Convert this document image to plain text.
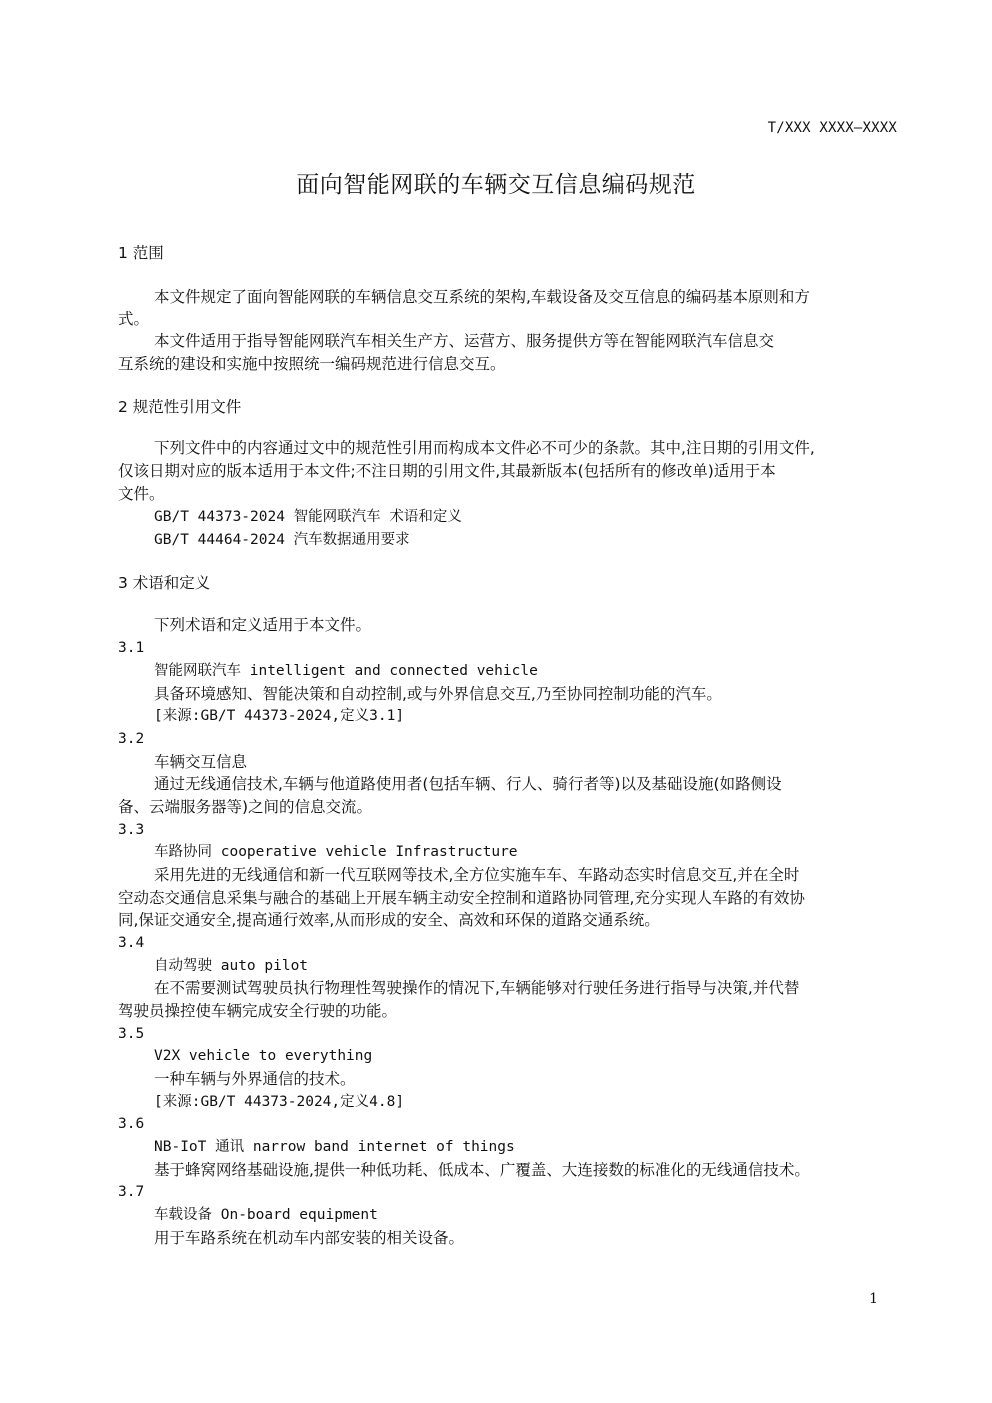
T/XXX XXXX—XXXX
面向智能网联的车辆交互信息编码规范
1 范围
本文件规定了面向智能网联的车辆信息交互系统的架构,车载设备及交互信息的编码基本原则和方
式。
本文件适用于指导智能网联汽车相关生产方、运营方、服务提供方等在智能网联汽车信息交
互系统的建设和实施中按照统一编码规范进行信息交互。
2 规范性引用文件
下列文件中的内容通过文中的规范性引用而构成本文件必不可少的条款。其中,注日期的引用文件,
仅该日期对应的版本适用于本文件;不注日期的引用文件,其最新版本(包括所有的修改单)适用于本
文件。
GB/T 44373-2024 智能网联汽车 术语和定义
GB/T 44464-2024 汽车数据通用要求
3 术语和定义
下列术语和定义适用于本文件。
3.1
智能网联汽车 intelligent and connected vehicle
具备环境感知、智能决策和自动控制,或与外界信息交互,乃至协同控制功能的汽车。
[来源:GB/T 44373-2024,定义3.1]
3.2
车辆交互信息
通过无线通信技术,车辆与他道路使用者(包括车辆、行人、骑行者等)以及基础设施(如路侧设
备、云端服务器等)之间的信息交流。
3.3
车路协同 cooperative vehicle Infrastructure
采用先进的无线通信和新一代互联网等技术,全方位实施车车、车路动态实时信息交互,并在全时
空动态交通信息采集与融合的基础上开展车辆主动安全控制和道路协同管理,充分实现人车路的有效协
同,保证交通安全,提高通行效率,从而形成的安全、高效和环保的道路交通系统。
3.4
自动驾驶 auto pilot
在不需要测试驾驶员执行物理性驾驶操作的情况下,车辆能够对行驶任务进行指导与决策,并代替
驾驶员操控使车辆完成安全行驶的功能。
3.5
V2X vehicle to everything
一种车辆与外界通信的技术。
[来源:GB/T 44373-2024,定义4.8]
3.6
NB-IoT 通讯 narrow band internet of things
基于蜂窝网络基础设施,提供一种低功耗、低成本、广覆盖、大连接数的标准化的无线通信技术。
3.7
车载设备 On-board equipment
用于车路系统在机动车内部安装的相关设备。
1
